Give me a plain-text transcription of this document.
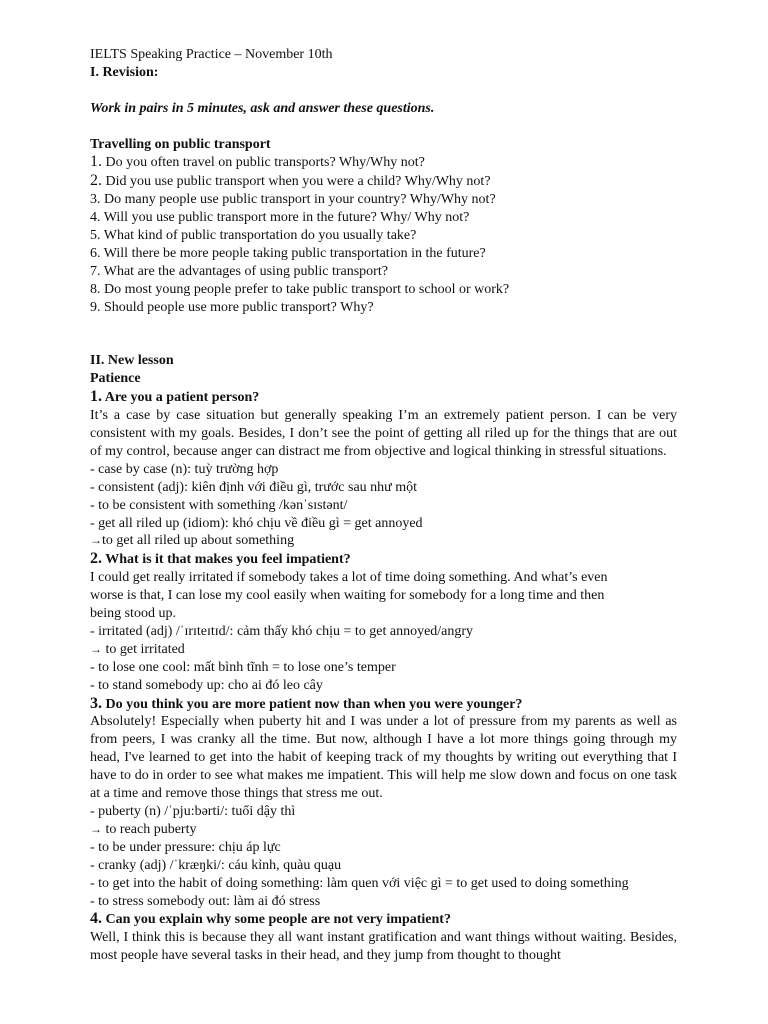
IELTS Speaking Practice – November 10th
I. Revision:
Work in pairs in 5 minutes, ask and answer these questions.
Travelling on public transport
1. Do you often travel on public transports? Why/Why not?
2. Did you use public transport when you were a child? Why/Why not?
3. Do many people use public transport in your country? Why/Why not?
4. Will you use public transport more in the future? Why/ Why not?
5. What kind of public transportation do you usually take?
6. Will there be more people taking public transportation in the future?
7. What are the advantages of using public transport?
8. Do most young people prefer to take public transport to school or work?
9. Should people use more public transport? Why?
II. New lesson
Patience
1. Are you a patient person?
It’s a case by case situation but generally speaking I’m an extremely patient person. I can be very consistent with my goals. Besides, I don’t see the point of getting all riled up for the things that are out of my control, because anger can distract me from objective and logical thinking in stressful situations.
- case by case (n): tuỳ trường hợp
- consistent (adj): kiên định với điều gì, trước sau như một
- to be consistent with something /kənˈsɪstənt/
- get all riled up (idiom): khó chịu về điều gì = get annoyed
→to get all riled up about something
2. What is it that makes you feel impatient?
I could get really irritated if somebody takes a lot of time doing something. And what’s even
worse is that, I can lose my cool easily when waiting for somebody for a long time and then
being stood up.
- irritated (adj) /ˈɪrɪteɪtɪd/: cảm thấy khó chịu = to get annoyed/angry
→ to get irritated
- to lose one cool: mất bình tĩnh = to lose one’s temper
- to stand somebody up: cho ai đó leo cây
3. Do you think you are more patient now than when you were younger?
Absolutely! Especially when puberty hit and I was under a lot of pressure from my parents as well as from peers, I was cranky all the time. But now, although I have a lot more things going through my head, I've learned to get into the habit of keeping track of my thoughts by writing out everything that I have to do in order to see what makes me impatient. This will help me slow down and focus on one task at a time and remove those things that stress me out.
- puberty (n) /ˈpju:bərti/: tuổi dậy thì
→ to reach puberty
- to be under pressure: chịu áp lực
- cranky (adj) /ˈkræŋki/: cáu kỉnh, quàu quạu
- to get into the habit of doing something: làm quen với việc gì = to get used to doing something
- to stress somebody out: làm ai đó stress
4. Can you explain why some people are not very impatient?
Well, I think this is because they all want instant gratification and want things without waiting. Besides, most people have several tasks in their head, and they jump from thought to thought
